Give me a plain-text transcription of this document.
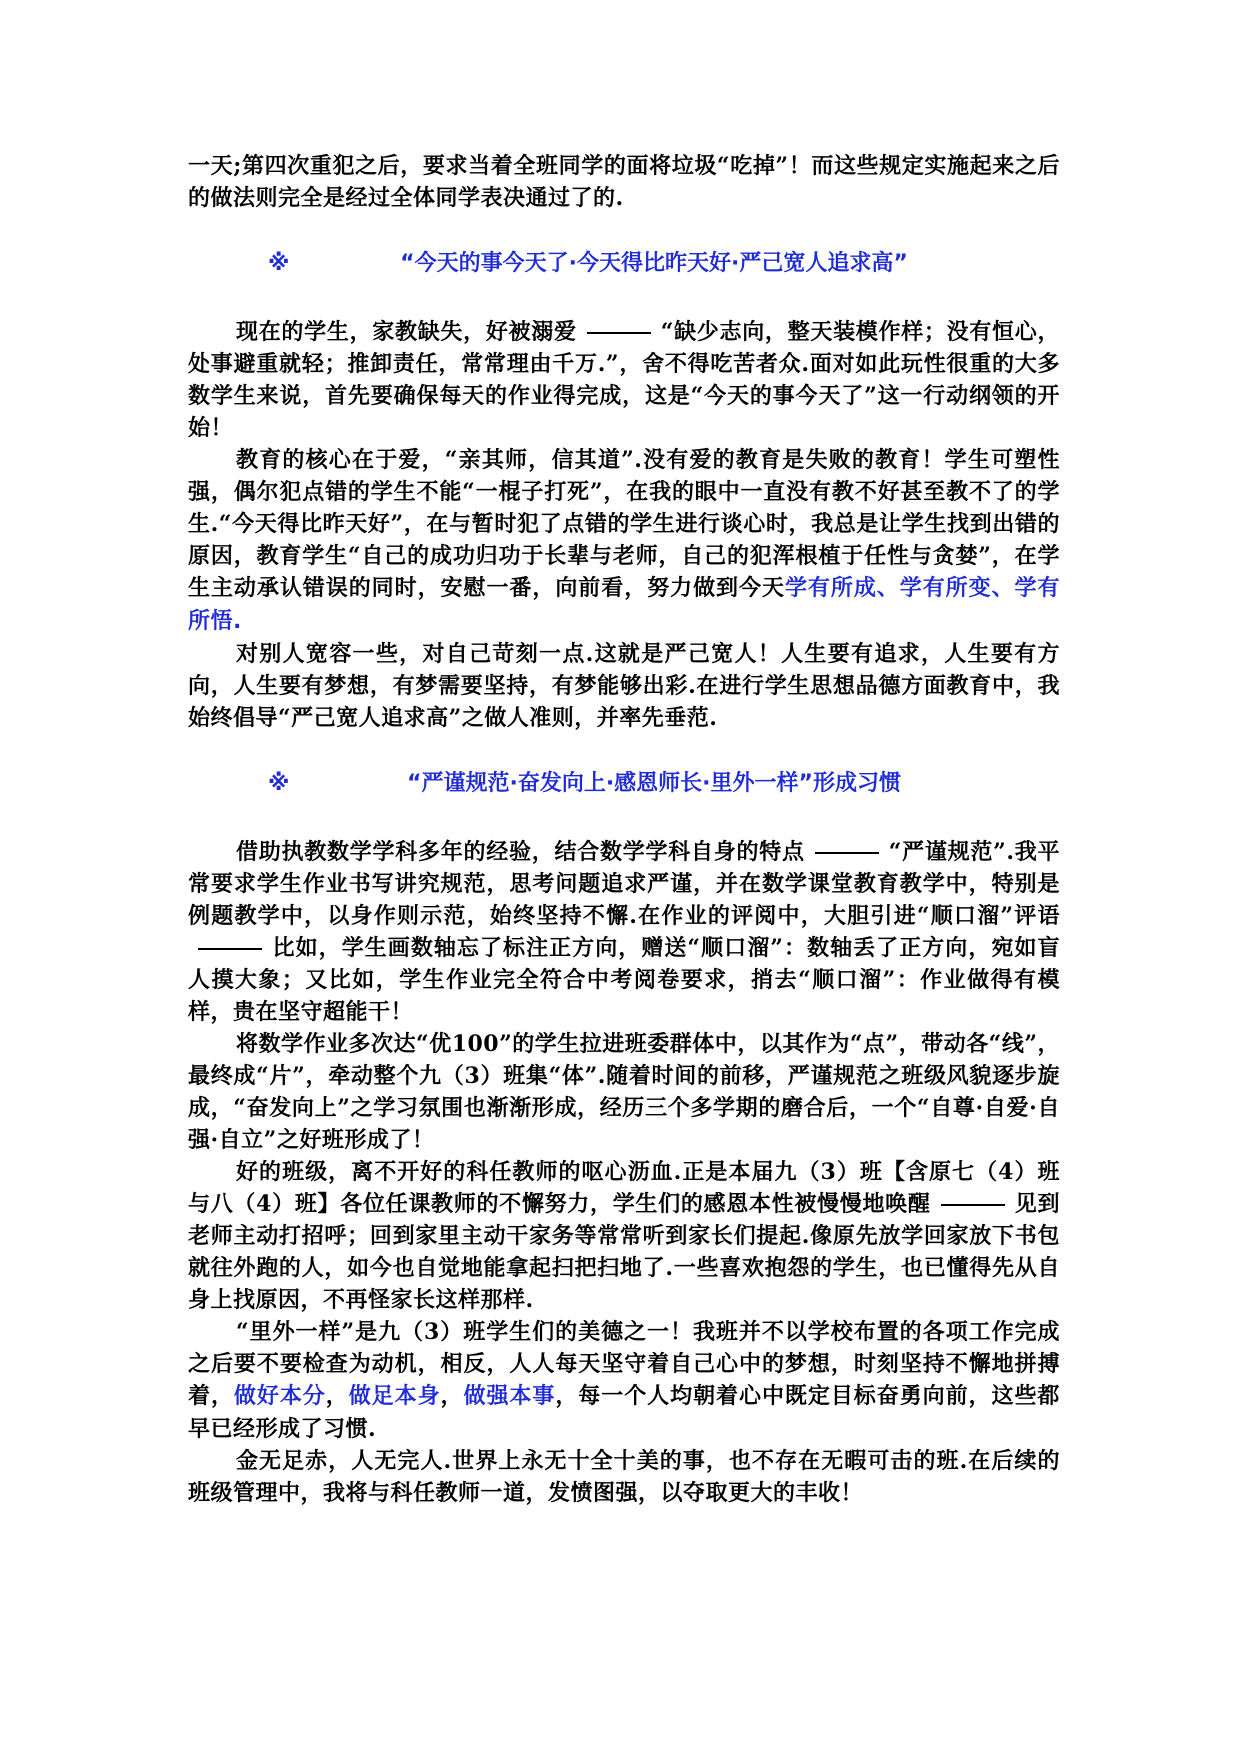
一天;第四次重犯之后，要求当着全班同学的面将垃圾“吃掉”！而这些规定实施起来之后的做法则完全是经过全体同学表决通过了的.

※	“今天的事今天了·今天得比昨天好·严己宽人追求高”

现在的学生，家教缺失，好被溺爱	“缺少志向，整天装模作样；没有恒心，处事避重就轻；推卸责任，常常理由千万.”，舍不得吃苦者众.面对如此玩性很重的大多数学生来说，首先要确保每天的作业得完成，这是“今天的事今天了”这一行动纲领的开始！

教育的核心在于爱，“亲其师，信其道”.没有爱的教育是失败的教育！学生可塑性强，偶尔犯点错的学生不能“一棍子打死”，在我的眼中一直没有教不好甚至教不了的学生.“今天得比昨天好”，在与暂时犯了点错的学生进行谈心时，我总是让学生找到出错的原因，教育学生“自己的成功归功于长辈与老师，自己的犯浑根植于任性与贪婪”，在学生主动承认错误的同时，安慰一番，向前看，努力做到今天学有所成、学有所变、学有所悟.

对别人宽容一些，对自己苛刻一点.这就是严己宽人！人生要有追求，人生要有方向，人生要有梦想，有梦需要坚持，有梦能够出彩.在进行学生思想品德方面教育中，我始终倡导“严己宽人追求高”之做人准则，并率先垂范.

※	“严谨规范·奋发向上·感恩师长·里外一样”形成习惯

借助执教数学学科多年的经验，结合数学学科自身的特点	“严谨规范”.我平常要求学生作业书写讲究规范，思考问题追求严谨，并在数学课堂教育教学中，特别是例题教学中，以身作则示范，始终坚持不懈.在作业的评阅中，大胆引进“顺口溜”评语比如，学生画数轴忘了标注正方向，赠送“顺口溜”：数轴丢了正方向，宛如盲人摸大象；又比如，学生作业完全符合中考阅卷要求，捎去“顺口溜”：作业做得有模样，贵在坚守超能干！

将数学作业多次达“优100”的学生拉进班委群体中，以其作为“点”，带动各“线”，最终成“片”，牵动整个九（3）班集“体”.随着时间的前移，严谨规范之班级风貌逐步旋成，“奋发向上”之学习氛围也渐渐形成，经历三个多学期的磨合后，一个“自尊·自爱·自强·自立”之好班形成了！

好的班级，离不开好的科任教师的呕心沥血.正是本届九（3）班【含原七（4）班与八（4）班】各位任课教师的不懈努力，学生们的感恩本性被慢慢地唤醒	见到老师主动打招呼；回到家里主动干家务等常常听到家长们提起.像原先放学回家放下书包就往外跑的人，如今也自觉地能拿起扫把扫地了.一些喜欢抱怨的学生，也已懂得先从自身上找原因，不再怪家长这样那样.

“里外一样”是九（3）班学生们的美德之一！我班并不以学校布置的各项工作完成之后要不要检查为动机，相反，人人每天坚守着自己心中的梦想，时刻坚持不懈地拼搏着，做好本分，做足本身，做强本事，每一个人均朝着心中既定目标奋勇向前，这些都早已经形成了习惯.

金无足赤，人无完人.世界上永无十全十美的事，也不存在无暇可击的班.在后续的班级管理中，我将与科任教师一道，发愤图强，以夺取更大的丰收！
